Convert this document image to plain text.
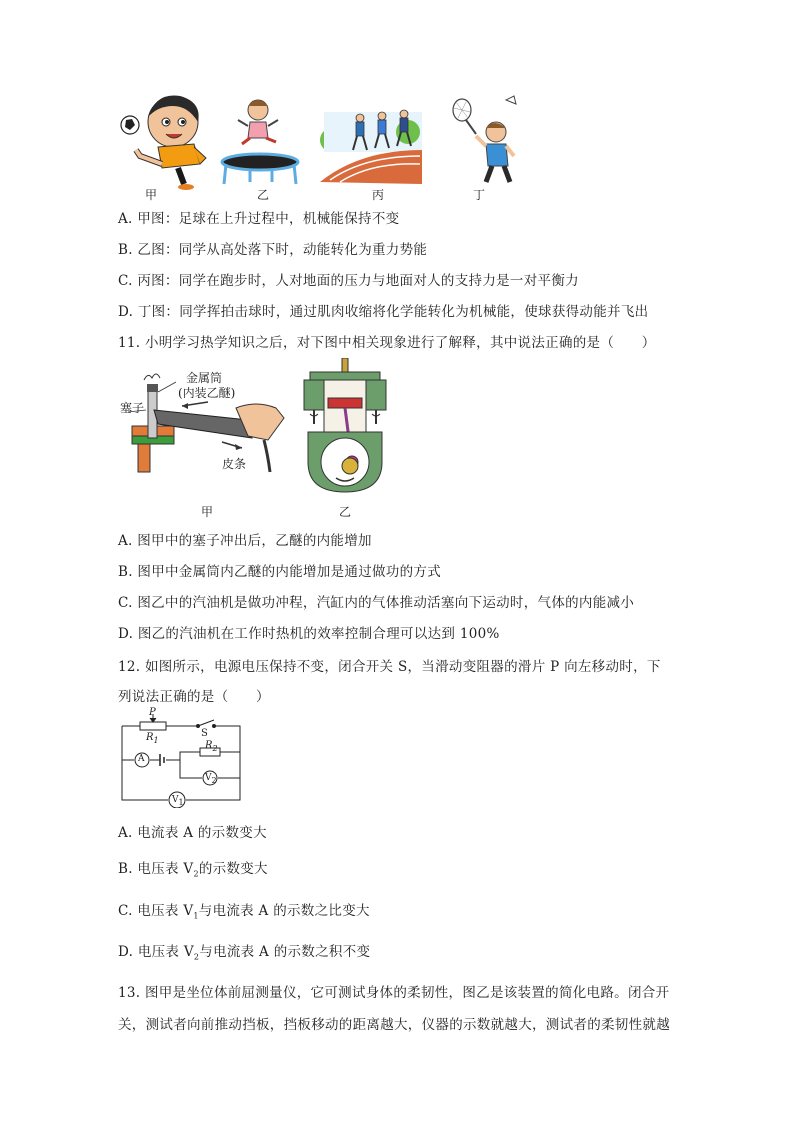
甲	乙	丙	丁
A. 甲图：足球在上升过程中，机械能保持不变
B. 乙图：同学从高处落下时，动能转化为重力势能
C. 丙图：同学在跑步时，人对地面的压力与地面对人的支持力是一对平衡力
D. 丁图：同学挥拍击球时，通过肌肉收缩将化学能转化为机械能，使球获得动能并飞出
11. 小明学习热学知识之后，对下图中相关现象进行了解释，其中说法正确的是（　　）
金属筒
(内装乙醚)
塞子
皮条
甲	乙
A. 图甲中的塞子冲出后，乙醚的内能增加
B. 图甲中金属筒内乙醚的内能增加是通过做功的方式
C. 图乙中的汽油机是做功冲程，汽缸内的气体推动活塞向下运动时，气体的内能减小
D. 图乙的汽油机在工作时热机的效率控制合理可以达到 100%
12. 如图所示，电源电压保持不变，闭合开关 S，当滑动变阻器的滑片 P 向左移动时，下
列说法正确的是（　　）
P
$R_1$
S
$R_2$
A
$V_2$
$V_1$
A. 电流表 A 的示数变大
B. 电压表 $V_2$的示数变大
C. 电压表 $V_1$与电流表 A 的示数之比变大
D. 电压表 $V_2$与电流表 A 的示数之积不变
13. 图甲是坐位体前屈测量仪，它可测试身体的柔韧性，图乙是该装置的简化电路。闭合开
关，测试者向前推动挡板，挡板移动的距离越大，仪器的示数就越大，测试者的柔韧性就越
